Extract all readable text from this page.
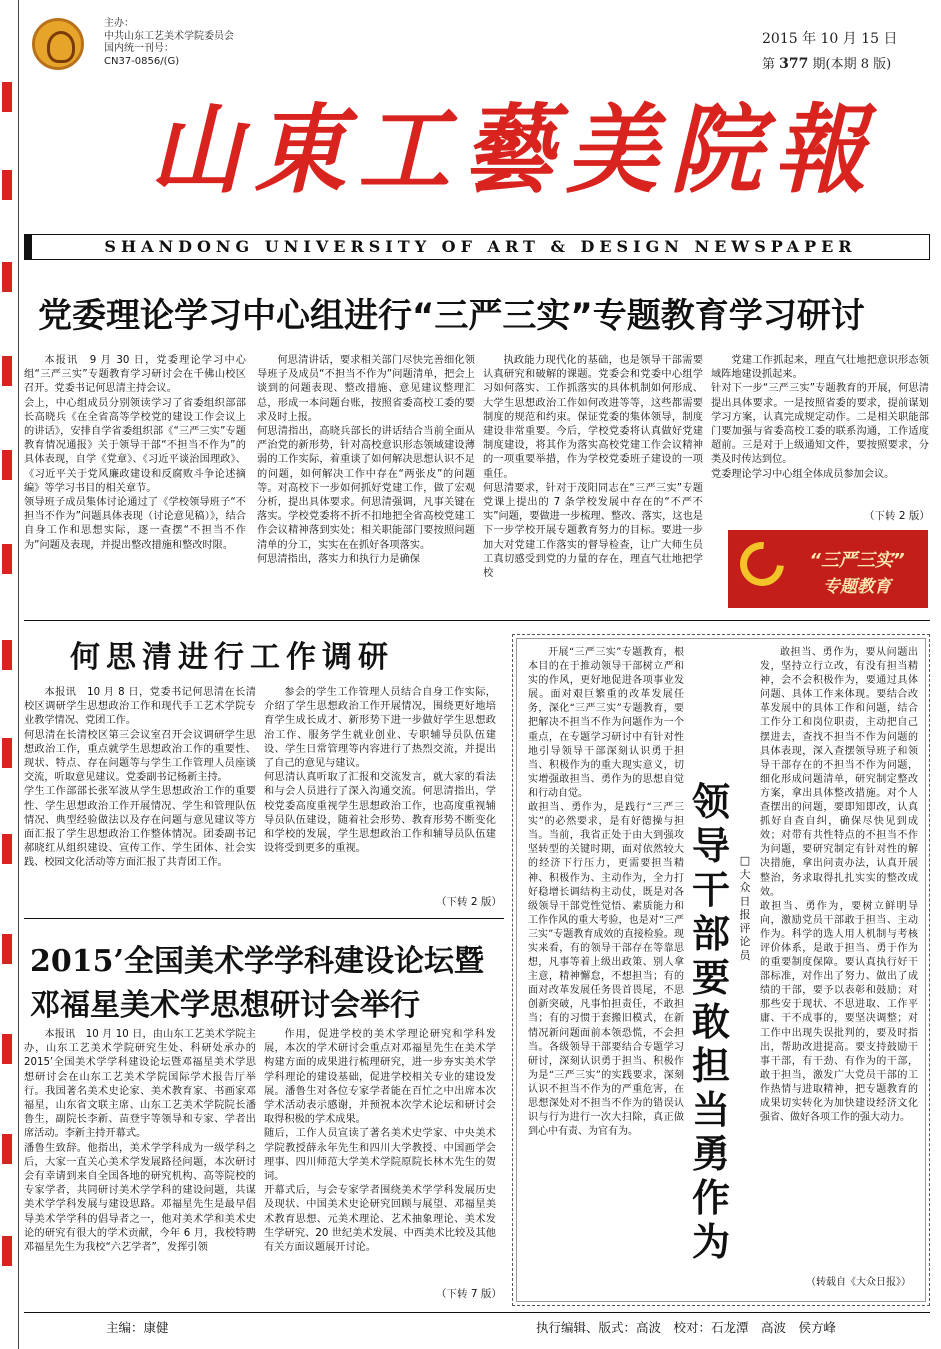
主办：
中共山东工艺美术学院委员会
国内统一刊号：
CN37-0856/(G)
2015 年 10 月 15 日
第 377 期(本期 8 版)
山東工藝美院報
SHANDONG UNIVERSITY OF ART & DESIGN NEWSPAPER
党委理论学习中心组进行“三严三实”专题教育学习研讨

本报讯　9 月 30 日，党委理论学习中心组“三严三实”专题教育学习研讨会在千佛山校区召开。党委书记何思清主持会议。
会上，中心组成员分别领读学习了省委组织部部长高晓兵《在全省高等学校党的建设工作会议上的讲话》，安排自学省委组织部《“三严三实”专题教育情况通报》关于领导干部“不担当不作为”的具体表现，自学《党章》、《习近平谈治国理政》、《习近平关于党风廉政建设和反腐败斗争论述摘编》等学习书目的相关章节。
领导班子成员集体讨论通过了《学校领导班子“不担当不作为”问题具体表现（讨论意见稿）》，结合自身工作和思想实际，逐一查摆“不担当不作为”问题及表现，并提出整改措施和整改时限。

何思清讲话，要求相关部门尽快完善细化领导班子及成员“不担当不作为”问题清单，把会上谈到的问题表现、整改措施、意见建议整理汇总，形成一本问题台账，按照省委高校工委的要求及时上报。
何思清指出，高晓兵部长的讲话结合当前全面从严治党的新形势，针对高校意识形态领域建设薄弱的工作实际，着重谈了如何解决思想认识不足的问题，如何解决工作中存在“两张皮”的问题等。对高校下一步如何抓好党建工作，做了宏观分析，提出具体要求。何思清强调，凡事关键在落实。学校党委将不折不扣地把全省高校党建工作会议精神落到实处；相关职能部门要按照问题清单的分工，实实在在抓好各项落实。
何思清指出，落实力和执行力是确保

执政能力现代化的基础，也是领导干部需要认真研究和破解的课题。党委会和党委中心组学习如何落实、工作抓落实的具体机制如何形成、大学生思想政治工作如何改进等等，这些都需要制度的规范和约束。保证党委的集体领导，制度建设非常重要。今后，学校党委将认真做好党建制度建设，将其作为落实高校党建工作会议精神的一项重要举措，作为学校党委班子建设的一项重任。
何思清要求，针对于茂阳同志在“三严三实”专题党课上提出的 7 条学校发展中存在的“不严不实”问题，要做进一步梳理、整改、落实，这也是下一步学校开展专题教育努力的目标。要进一步加大对党建工作落实的督导检查，让广大师生员工真切感受到党的力量的存在，理直气壮地把学校

党建工作抓起来，理直气壮地把意识形态领域阵地建设抓起来。
针对下一步“三严三实”专题教育的开展，何思清提出具体要求。一是按照省委的要求，提前谋划学习方案，认真完成规定动作。二是相关职能部门要加强与省委高校工委的联系沟通，工作适度超前。三是对于上级通知文件，要按照要求，分类及时传达到位。
党委理论学习中心组全体成员参加会议。

（下转 2 版）
“三严三实”
专题教育
何思清进行工作调研

本报讯　10 月 8 日，党委书记何思清在长清校区调研学生思想政治工作和现代手工艺术学院专业教学情况、党团工作。
何思清在长清校区第三会议室召开会议调研学生思想政治工作，重点就学生思想政治工作的重要性、现状、特点、存在问题等与学生工作管理人员座谈交流，听取意见建议。党委副书记杨新主持。
学生工作部部长张军波从学生思想政治工作的重要性、学生思想政治工作开展情况、学生和管理队伍情况、典型经验做法以及存在问题与意见建议等方面汇报了学生思想政治工作整体情况。团委副书记郝晓红从组织建设、宣传工作、学生团体、社会实践、校园文化活动等方面汇报了共青团工作。

参会的学生工作管理人员结合自身工作实际，介绍了学生思想政治工作开展情况，围绕更好地培育学生成长成才、新形势下进一步做好学生思想政治工作、服务学生就业创业、专职辅导员队伍建设、学生日常管理等内容进行了热烈交流，并提出了自己的意见与建议。
何思清认真听取了汇报和交流发言，就大家的看法和与会人员进行了深入沟通交流。何思清指出，学校党委高度重视学生思想政治工作，也高度重视辅导员队伍建设，随着社会形势、教育形势不断变化和学校的发展，学生思想政治工作和辅导员队伍建设将受到更多的重视。

（下转 2 版）
2015’全国美术学学科建设论坛暨
邓福星美术学思想研讨会举行

本报讯　10 月 10 日，由山东工艺美术学院主办，山东工艺美术学院研究生处、科研处承办的 2015’全国美术学学科建设论坛暨邓福星美术学思想研讨会在山东工艺美术学院国际学术报告厅举行。我国著名美术史论家、美术教育家、书画家邓福星，山东省文联主席、山东工艺美术学院院长潘鲁生，副院长李新、苗登宇等领导和专家、学者出席活动。李新主持开幕式。
潘鲁生致辞。他指出，美术学学科成为一级学科之后，大家一直关心美术学发展路径问题，本次研讨会有幸请到来自全国各地的研究机构、高等院校的专家学者，共同研讨美术学学科的建设问题，共谋美术学学科发展与建设思路。邓福星先生是最早倡导美术学学科的倡导者之一，他对美术学和美术史论的研究有很大的学术贡献，今年 6 月，我校特聘邓福星先生为我校“六艺学者”，发挥引领

作用，促进学校的美术学理论研究和学科发展，本次的学术研讨会重点对邓福星先生在美术学构建方面的成果进行梳理研究，进一步夯实美术学学科理论的建设基础，促进学校相关专业的建设发展。潘鲁生对各位专家学者能在百忙之中出席本次学术活动表示感谢，并预祝本次学术论坛和研讨会取得积极的学术成果。
随后，工作人员宣读了著名美术史学家、中央美术学院教授薛永年先生和四川大学教授、中国画学会理事、四川师范大学美术学院原院长林木先生的贺词。
开幕式后，与会专家学者围绕美术学学科发展历史及现状、中国美术史论研究回顾与展望、邓福星美术教育思想、元美术理论、艺术抽象理论、美术发生学研究、20 世纪美术发展、中西美术比较及其他有关方面议题展开讨论。

（下转 7 版）

开展“三严三实”专题教育，根本目的在于推动领导干部树立严和实的作风，更好地促进各项事业发展。面对艰巨繁重的改革发展任务，深化“三严三实”专题教育，要把解决不担当不作为问题作为一个重点，在专题学习研讨中有针对性地引导领导干部深刻认识勇于担当、积极作为的重大现实意义，切实增强敢担当、勇作为的思想自觉和行动自觉。
敢担当、勇作为，是践行“三严三实”的必然要求，是有好德操与担当。当前，我省正处于由大到强攻坚转型的关键时期，面对依然较大的经济下行压力，更需要担当精神、积极作为、主动作为，全力打好稳增长调结构主动仗，既是对各级领导干部党性觉悟、素质能力和工作作风的重大考验，也是对“三严三实”专题教育成效的直接检验。现实来看，有的领导干部存在等靠思想，凡事等着上级出政策、别人拿主意，精神懈怠，不想担当；有的面对改革发展任务畏首畏尾，不思创新突破，凡事怕担责任，不敢担当；有的习惯于套搬旧模式，在新情况新问题面前本领恐慌，不会担当。各级领导干部要结合专题学习研讨，深刻认识勇于担当、积极作为是“三严三实”的实践要求，深刻认识不担当不作为的严重危害，在思想深处对不担当不作为的错误认识与行为进行一次大扫除，真正做到心中有责、为官有为。

领导干部要敢担当勇作为
□大众日报评论员

敢担当、勇作为，要从问题出发，坚持立行立改，有没有担当精神，会不会积极作为，要通过具体问题、具体工作来体现。要结合改革发展中的具体工作和问题，结合工作分工和岗位职责，主动把自己摆进去，查找不担当不作为问题的具体表现，深入查摆领导班子和领导干部存在的不担当不作为问题，细化形成问题清单，研究制定整改方案，拿出具体整改措施。对个人查摆出的问题，要即知即改，认真抓好自查自纠，确保尽快见到成效；对带有共性特点的不担当不作为问题，要研究制定有针对性的解决措施，拿出问责办法，认真开展整治，务求取得扎扎实实的整改成效。
敢担当、勇作为，要树立鲜明导向，激励党员干部敢于担当、主动作为。科学的选人用人机制与考核评价体系，是敢于担当、勇于作为的重要制度保障。要认真执行好干部标准，对作出了努力、做出了成绩的干部，要予以表彰和鼓励；对那些安于现状、不思进取、工作平庸、干不成事的，要坚决调整；对工作中出现失误批判的，要及时指出，帮助改进提高。要支持鼓励干事干部，有干劲、有作为的干部，敢于担当，激发广大党员干部的工作热情与进取精神，把专题教育的成果切实转化为加快建设经济文化强省、做好各项工作的强大动力。

（转载自《大众日报》）
主编：康健	执行编辑、版式：高波　校对：石龙潭　高波　侯方峰
